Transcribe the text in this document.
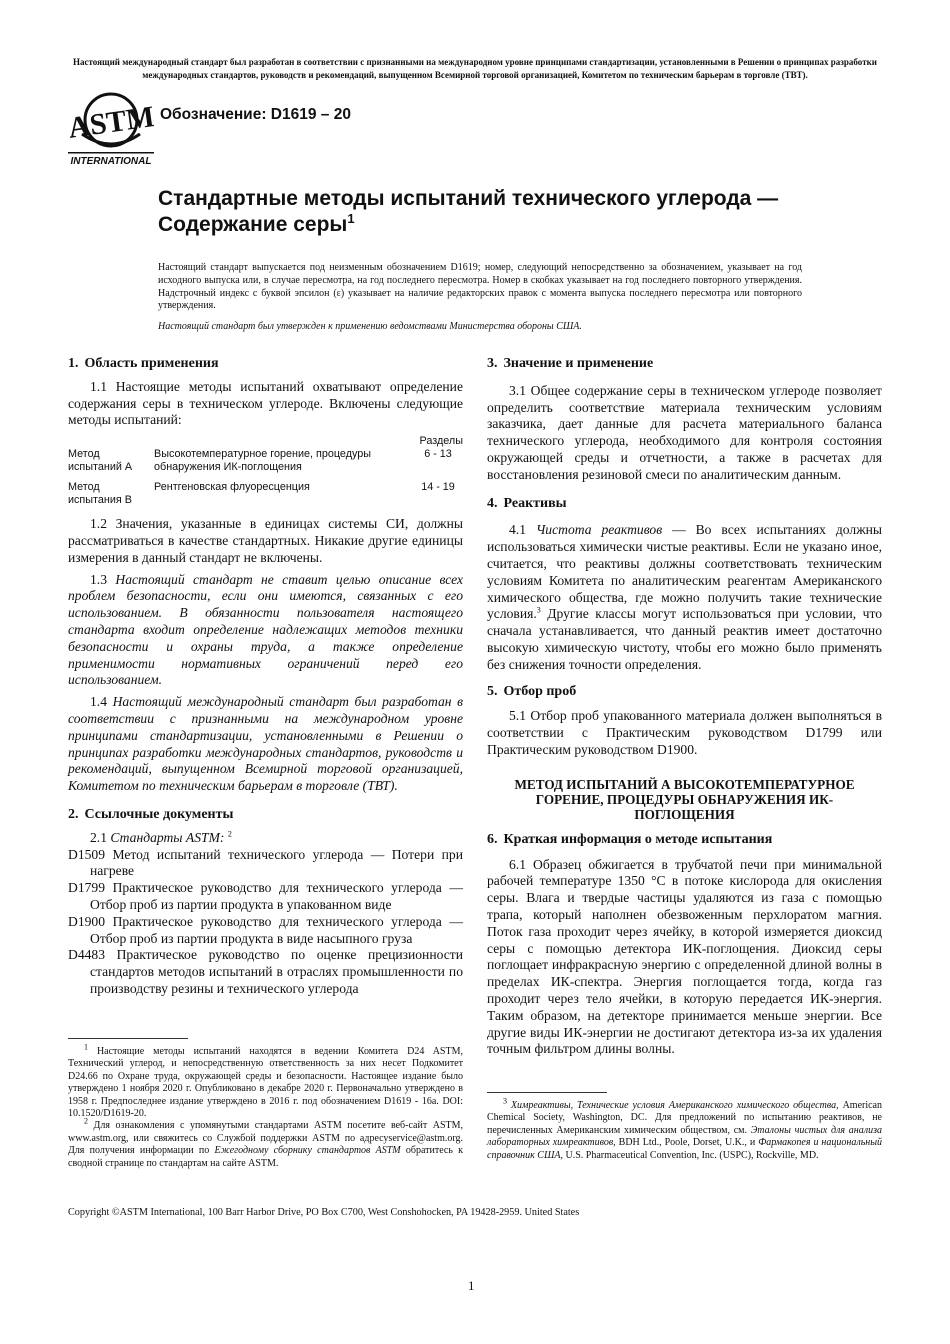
Настоящий международный стандарт был разработан в соответствии с признанными на международном уровне принципами стандартизации, установленными в Решении о принципах разработки международных стандартов, руководств и рекомендаций, выпущенном Всемирной торговой организацией, Комитетом по техническим барьерам в торговле (ТВТ).
ASTM
INTERNATIONAL
Обозначение: D1619 – 20
Стандартные методы испытаний технического углерода — Содержание серы$^1$
Настоящий стандарт выпускается под неизменным обозначением D1619; номер, следующий непосредственно за обозначением, указывает на год исходного выпуска или, в случае пересмотра, на год последнего пересмотра. Номер в скобках указывает на год последнего повторного утверждения. Надстрочный индекс с буквой эпсилон (ε) указывает на наличие редакторских правок с момента выпуска последнего пересмотра или повторного утверждения.
Настоящий стандарт был утвержден к применению ведомствами Министерства обороны США.
1. Область применения

1.1 Настоящие методы испытаний охватывают определение содержания серы в техническом углероде. Включены следующие методы испытаний:

		Разделы
Метод испытаний А	Высокотемпературное горение, процедуры обнаружения ИК-поглощения	6 - 13
Метод испытания В	Рентгеновская флуоресценция	14 - 19

1.2 Значения, указанные в единицах системы СИ, должны рассматриваться в качестве стандартных. Никакие другие единицы измерения в данный стандарт не включены.

1.3 Настоящий стандарт не ставит целью описание всех проблем безопасности, если они имеются, связанных с его использованием. В обязанности пользователя настоящего стандарта входит определение надлежащих методов техники безопасности и охраны труда, а также определение применимости нормативных ограничений перед его использованием.

1.4 Настоящий международный стандарт был разработан в соответствии с признанными на международном уровне принципами стандартизации, установленными в Решении о принципах разработки международных стандартов, руководств и рекомендаций, выпущенном Всемирной торговой организацией, Комитетом по техническим барьерам в торговле (ТВТ).

2. Ссылочные документы

2.1 Стандарты ASTM: $^2$

D1509 Метод испытаний технического углерода — Потери при нагреве
D1799 Практическое руководство для технического углерода — Отбор проб из партии продукта в упакованном виде
D1900 Практическое руководство для технического углерода — Отбор проб из партии продукта в виде насыпного груза
D4483 Практическое руководство по оценке прецизионности стандартов методов испытаний в отраслях промышленности по производству резины и технического углерода

$^1$ Настоящие методы испытаний находятся в ведении Комитета D24 ASTM, Технический углерод, и непосредственную ответственность за них несет Подкомитет D24.66 по Охране труда, окружающей среды и безопасности. Настоящее издание было утверждено 1 ноября 2020 г. Опубликовано в декабре 2020 г. Первоначально утверждено в 1958 г. Предпоследнее издание утверждено в 2016 г. под обозначением D1619 - 16a. DOI: 10.1520/D1619-20.

$^2$ Для ознакомления с упомянутыми стандартами ASTM посетите веб-сайт ASTM, www.astm.org, или свяжитесь со Службой поддержки ASTM по адресуservice@astm.org. Для получения информации по Ежегодному сборнику стандартов ASTM обратитесь к сводной странице по стандартам на сайте ASTM.

3. Значение и применение

3.1 Общее содержание серы в техническом углероде позволяет определить соответствие материала техническим условиям заказчика, дает данные для расчета материального баланса технического углерода, необходимого для контроля состояния окружающей среды и отчетности, а также в расчетах для восстановления резиновой смеси по аналитическим данным.

4. Реактивы

4.1 Чистота реактивов — Во всех испытаниях должны использоваться химически чистые реактивы. Если не указано иное, считается, что реактивы должны соответствовать техническим условиям Комитета по аналитическим реагентам Американского химического общества, где можно получить такие технические условия.$^3$ Другие классы могут использоваться при условии, что сначала устанавливается, что данный реактив имеет достаточно высокую химическую чистоту, чтобы его можно было применять без снижения точности определения.

5. Отбор проб

5.1 Отбор проб упакованного материала должен выполняться в соответствии с Практическим руководством D1799 или Практическим руководством D1900.

МЕТОД ИСПЫТАНИЙ А ВЫСОКОТЕМПЕРАТУРНОЕ ГОРЕНИЕ, ПРОЦЕДУРЫ ОБНАРУЖЕНИЯ ИК-ПОГЛОЩЕНИЯ
6. Краткая информация о методе испытания

6.1 Образец обжигается в трубчатой печи при минимальной рабочей температуре 1350 °C в потоке кислорода для окисления серы. Влага и твердые частицы удаляются из газа с помощью трапа, который наполнен обезвоженным перхлоратом магния. Поток газа проходит через ячейку, в которой измеряется диоксид серы с помощью детектора ИК-поглощения. Диоксид серы поглощает инфракрасную энергию с определенной длиной волны в пределах ИК-спектра. Энергия поглощается тогда, когда газ проходит через тело ячейки, в которую передается ИК-энергия. Таким образом, на детекторе принимается меньше энергии. Все другие виды ИК-энергии не достигают детектора из-за их удаления точным фильтром длины волны.

$^3$ Химреактивы, Технические условия Американского химического общества, American Chemical Society, Washington, DC. Для предложений по испытанию реактивов, не перечисленных Американским химическим обществом, см. Эталоны чистых для анализа лабораторных химреактивов, BDH Ltd., Poole, Dorset, U.K., и Фармакопея и национальный справочник США, U.S. Pharmaceutical Convention, Inc. (USPC), Rockville, MD.

Copyright ©ASTM International, 100 Barr Harbor Drive, PO Box C700, West Conshohocken, PA 19428-2959. United States
1
